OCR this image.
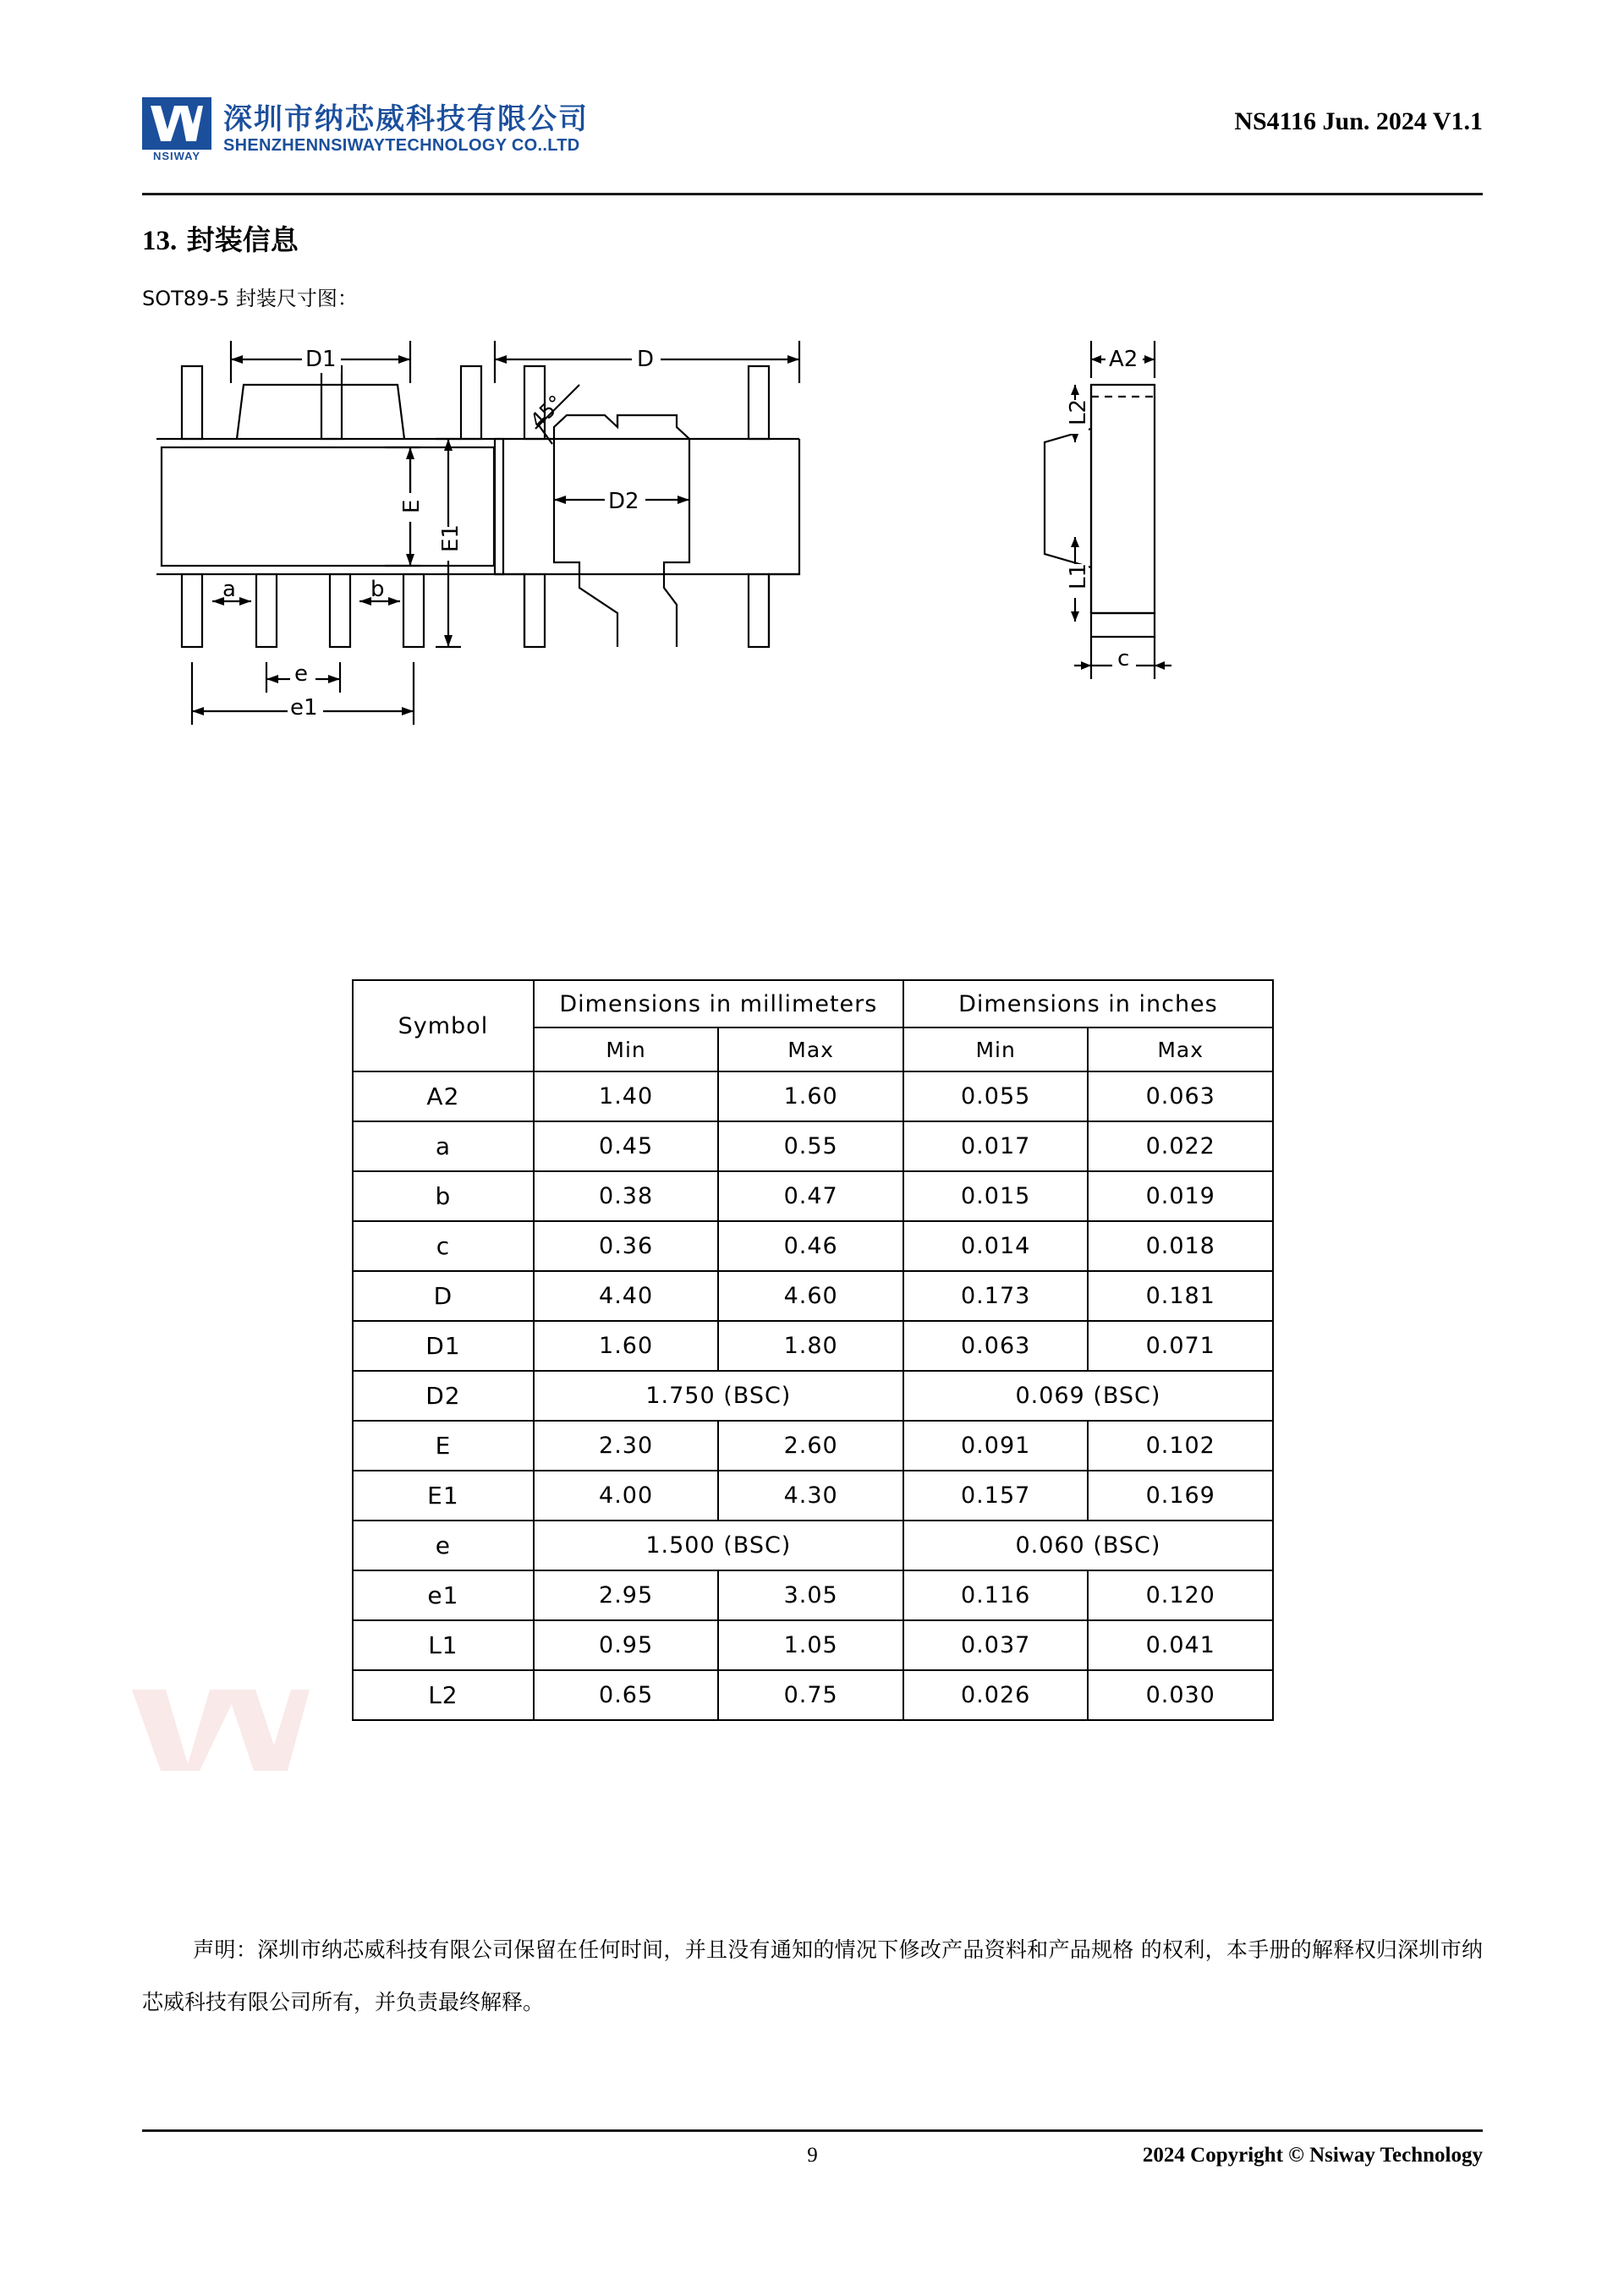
NSIWAY
深圳市纳芯威科技有限公司
SHENZHENNSIWAYTECHNOLOGY CO..LTD
NS4116 Jun. 2024 V1.1
13. 封装信息
SOT89-5 封装尺寸图：
D1
E
E1
a	b
e
e1
D
D2
45°
A2
L2
L1
c
Symbol	Dimensions in millimeters		Dimensions in inches	
	Min	Max	Min	Max
A2	1.40	1.60	0.055	0.063
a	0.45	0.55	0.017	0.022
b	0.38	0.47	0.015	0.019
c	0.36	0.46	0.014	0.018
D	4.40	4.60	0.173	0.181
D1	1.60	1.80	0.063	0.071
D2	1.750 (BSC)		0.069 (BSC)	
E	2.30	2.60	0.091	0.102
E1	4.00	4.30	0.157	0.169
e	1.500 (BSC)		0.060 (BSC)	
e1	2.95	3.05	0.116	0.120
L1	0.95	1.05	0.037	0.041
L2	0.65	0.75	0.026	0.030
声明：深圳市纳芯威科技有限公司保留在任何时间，并且没有通知的情况下修改产品资料和产品规格 的权利，本手册的解释权归深圳市纳芯威科技有限公司所有，并负责最终解释。
9	2024 Copyright © Nsiway Technology
